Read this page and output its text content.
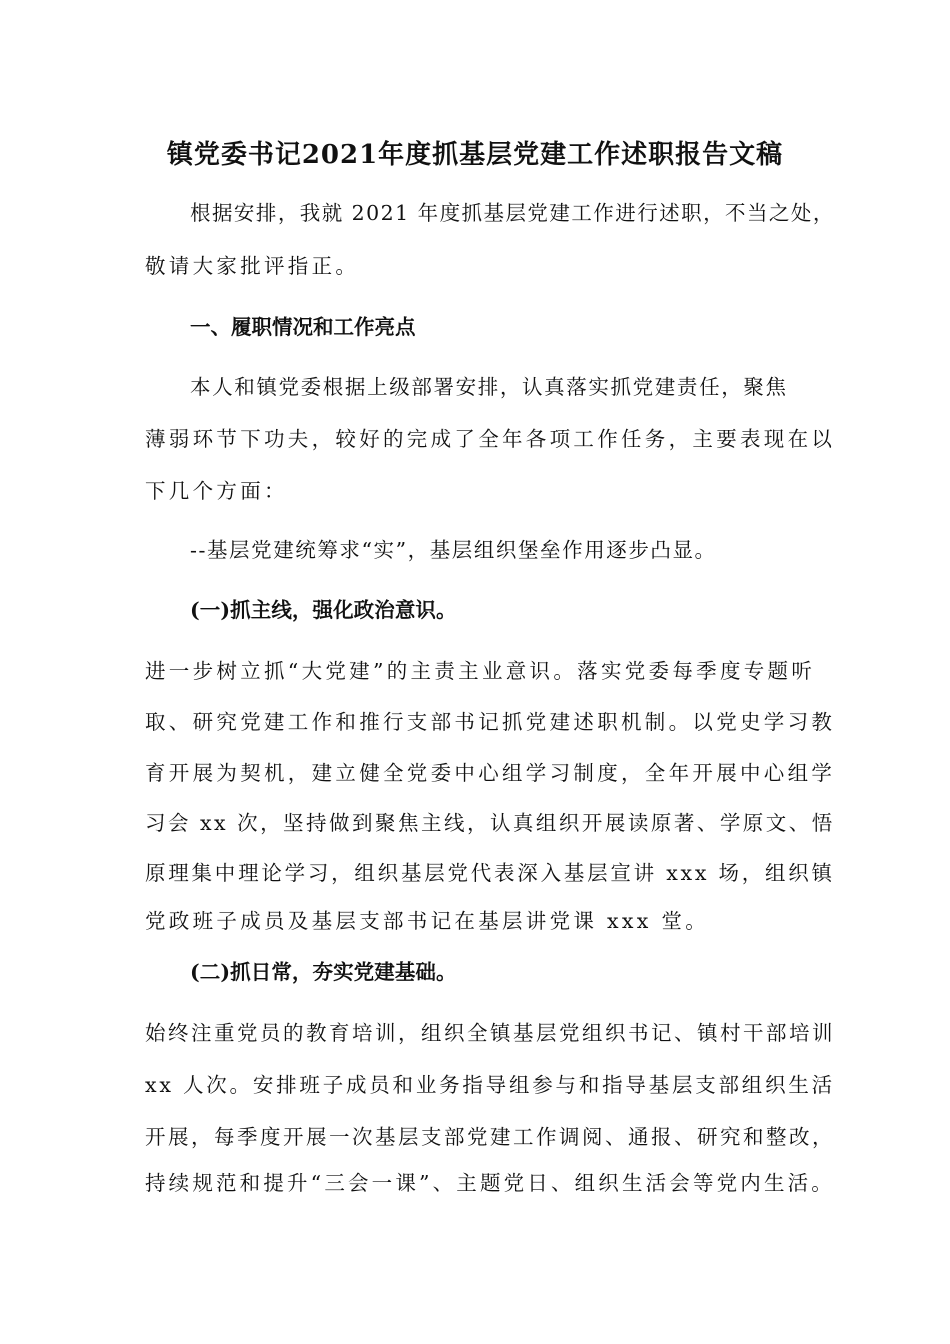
镇党委书记2021年度抓基层党建工作述职报告文稿
根据安排，我就 2021 年度抓基层党建工作进行述职，不当之处，
敬请大家批评指正。
一、履职情况和工作亮点
本人和镇党委根据上级部署安排，认真落实抓党建责任，聚焦
薄弱环节下功夫，较好的完成了全年各项工作任务，主要表现在以
下几个方面：
--基层党建统筹求“实”，基层组织堡垒作用逐步凸显。
(一)抓主线，强化政治意识。
进一步树立抓“大党建”的主责主业意识。落实党委每季度专题听
取、研究党建工作和推行支部书记抓党建述职机制。以党史学习教
育开展为契机，建立健全党委中心组学习制度，全年开展中心组学
习会 xx 次，坚持做到聚焦主线，认真组织开展读原著、学原文、悟
原理集中理论学习，组织基层党代表深入基层宣讲 xxx 场，组织镇
党政班子成员及基层支部书记在基层讲党课 xxx 堂。
(二)抓日常，夯实党建基础。
始终注重党员的教育培训，组织全镇基层党组织书记、镇村干部培训
xx 人次。安排班子成员和业务指导组参与和指导基层支部组织生活
开展，每季度开展一次基层支部党建工作调阅、通报、研究和整改，
持续规范和提升“三会一课”、主题党日、组织生活会等党内生活。
